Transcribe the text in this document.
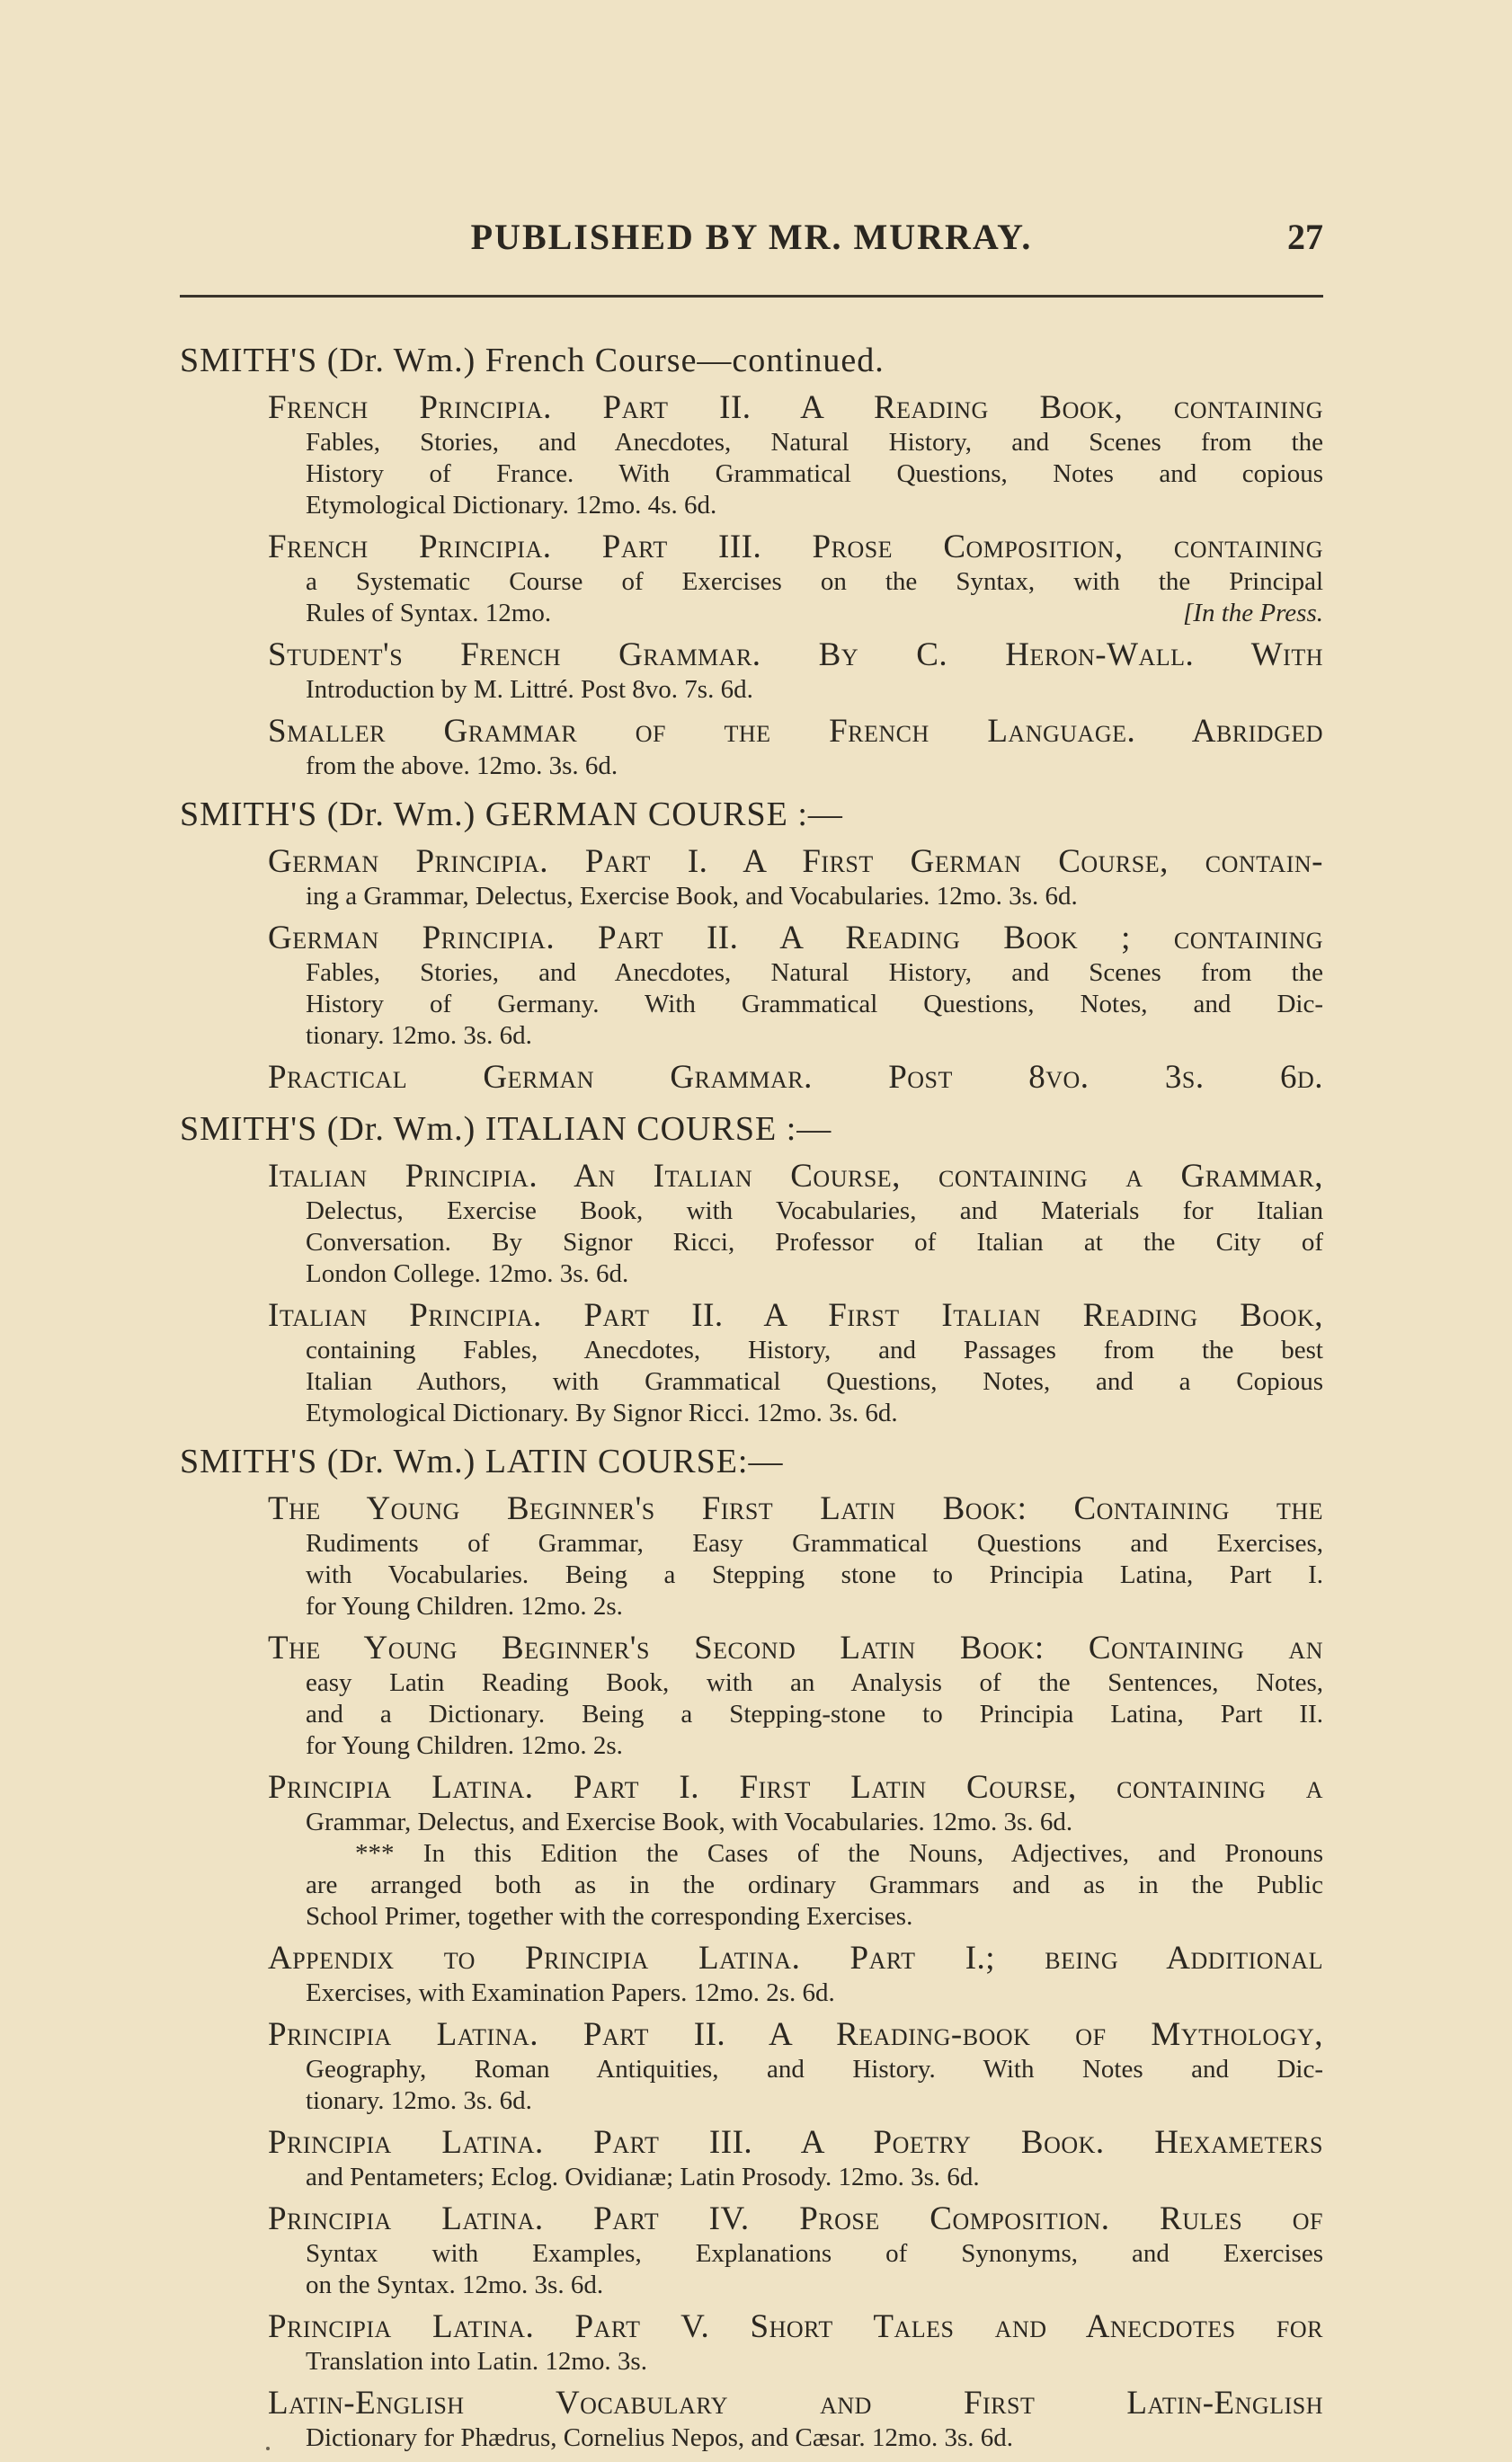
PUBLISHED BY MR. MURRAY.	27
SMITH'S (Dr. Wm.) French Course—continued.
French Principia. Part II. A Reading Book, containing
Fables, Stories, and Anecdotes, Natural History, and Scenes from the
History of France. With Grammatical Questions, Notes and copious
Etymological Dictionary. 12mo. 4s. 6d.
French Principia. Part III. Prose Composition, containing
a Systematic Course of Exercises on the Syntax, with the Principal
Rules of Syntax. 12mo.	[In the Press.
Student's French Grammar. By C. Heron-Wall. With
Introduction by M. Littré. Post 8vo. 7s. 6d.
Smaller Grammar of the French Language. Abridged
from the above. 12mo. 3s. 6d.
SMITH'S (Dr. Wm.) GERMAN COURSE :—
German Principia. Part I. A First German Course, contain-
ing a Grammar, Delectus, Exercise Book, and Vocabularies. 12mo. 3s. 6d.
German Principia. Part II. A Reading Book ; containing
Fables, Stories, and Anecdotes, Natural History, and Scenes from the
History of Germany. With Grammatical Questions, Notes, and Dic-
tionary. 12mo. 3s. 6d.
Practical German Grammar. Post 8vo. 3s. 6d.
SMITH'S (Dr. Wm.) ITALIAN COURSE :—
Italian Principia. An Italian Course, containing a Grammar,
Delectus, Exercise Book, with Vocabularies, and Materials for Italian
Conversation. By Signor Ricci, Professor of Italian at the City of
London College. 12mo. 3s. 6d.
Italian Principia. Part II. A First Italian Reading Book,
containing Fables, Anecdotes, History, and Passages from the best
Italian Authors, with Grammatical Questions, Notes, and a Copious
Etymological Dictionary. By Signor Ricci. 12mo. 3s. 6d.
SMITH'S (Dr. Wm.) LATIN COURSE:—
The Young Beginner's First Latin Book: Containing the
Rudiments of Grammar, Easy Grammatical Questions and Exercises,
with Vocabularies. Being a Stepping stone to Principia Latina, Part I.
for Young Children. 12mo. 2s.
The Young Beginner's Second Latin Book: Containing an
easy Latin Reading Book, with an Analysis of the Sentences, Notes,
and a Dictionary. Being a Stepping-stone to Principia Latina, Part II.
for Young Children. 12mo. 2s.
Principia Latina. Part I. First Latin Course, containing a
Grammar, Delectus, and Exercise Book, with Vocabularies. 12mo. 3s. 6d.
*** In this Edition the Cases of the Nouns, Adjectives, and Pronouns
are arranged both as in the ordinary Grammars and as in the Public
School Primer, together with the corresponding Exercises.
Appendix to Principia Latina. Part I.; being Additional
Exercises, with Examination Papers. 12mo. 2s. 6d.
Principia Latina. Part II. A Reading-book of Mythology,
Geography, Roman Antiquities, and History. With Notes and Dic-
tionary. 12mo. 3s. 6d.
Principia Latina. Part III. A Poetry Book. Hexameters
and Pentameters; Eclog. Ovidianæ; Latin Prosody. 12mo. 3s. 6d.
Principia Latina. Part IV. Prose Composition. Rules of
Syntax with Examples, Explanations of Synonyms, and Exercises
on the Syntax. 12mo. 3s. 6d.
Principia Latina. Part V. Short Tales and Anecdotes for
Translation into Latin. 12mo. 3s.
Latin-English Vocabulary and First Latin-English
Dictionary for Phædrus, Cornelius Nepos, and Cæsar. 12mo. 3s. 6d.
